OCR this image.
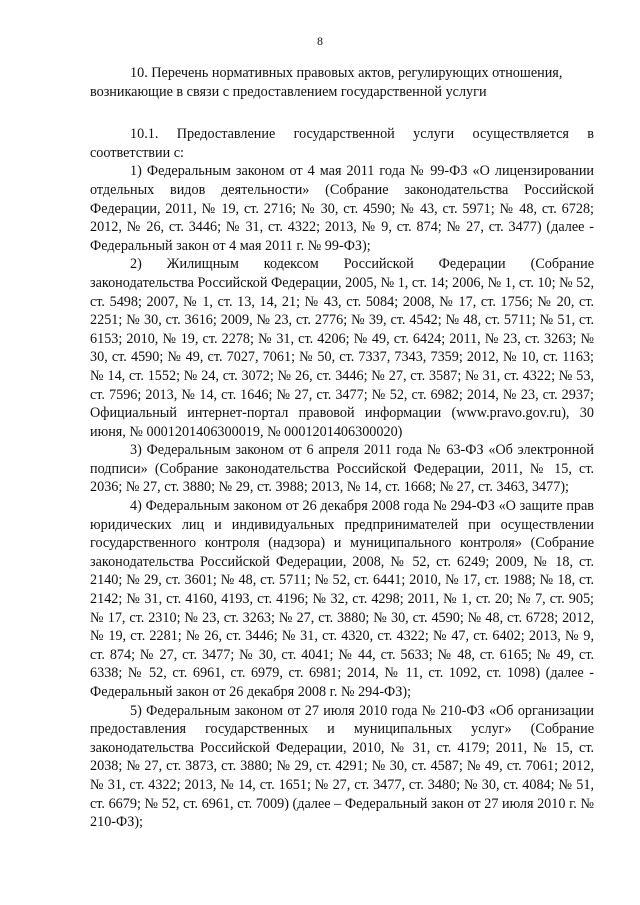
8

10. Перечень нормативных правовых актов, регулирующих отношения, возникающие в связи с предоставлением государственной услуги

10.1. Предоставление государственной услуги осуществляется в соответствии с:

1) Федеральным законом от 4 мая 2011 года № 99-ФЗ «О лицензировании отдельных видов деятельности» (Собрание законодательства Российской Федерации, 2011, № 19, ст. 2716; № 30, ст. 4590; № 43, ст. 5971; № 48, ст. 6728; 2012, № 26, ст. 3446; № 31, ст. 4322; 2013, № 9, ст. 874; № 27, ст. 3477) (далее - Федеральный закон от 4 мая 2011 г. № 99-ФЗ);

2) Жилищным кодексом Российской Федерации (Собрание законодательства Российской Федерации, 2005, № 1, ст. 14; 2006, № 1, ст. 10; № 52, ст. 5498; 2007, № 1, ст. 13, 14, 21; № 43, ст. 5084; 2008, № 17, ст. 1756; № 20, ст. 2251; № 30, ст. 3616; 2009, № 23, ст. 2776; № 39, ст. 4542; № 48, ст. 5711; № 51, ст. 6153; 2010, № 19, ст. 2278; № 31, ст. 4206; № 49, ст. 6424; 2011, № 23, ст. 3263; № 30, ст. 4590; № 49, ст. 7027, 7061; № 50, ст. 7337, 7343, 7359; 2012, № 10, ст. 1163; № 14, ст. 1552; № 24, ст. 3072; № 26, ст. 3446; № 27, ст. 3587; № 31, ст. 4322; № 53, ст. 7596; 2013, № 14, ст. 1646; № 27, ст. 3477; № 52, ст. 6982; 2014, № 23, ст. 2937; Официальный интернет-портал правовой информации (www.pravo.gov.ru), 30 июня, № 0001201406300019, № 0001201406300020)

3) Федеральным законом от 6 апреля 2011 года № 63-ФЗ «Об электронной подписи» (Собрание законодательства Российской Федерации, 2011, № 15, ст. 2036; № 27, ст. 3880; № 29, ст. 3988; 2013, № 14, ст. 1668; № 27, ст. 3463, 3477);

4) Федеральным законом от 26 декабря 2008 года № 294-ФЗ «О защите прав юридических лиц и индивидуальных предпринимателей при осуществлении государственного контроля (надзора) и муниципального контроля» (Собрание законодательства Российской Федерации, 2008, № 52, ст. 6249; 2009, № 18, ст. 2140; № 29, ст. 3601; № 48, ст. 5711; № 52, ст. 6441; 2010, № 17, ст. 1988; № 18, ст. 2142; № 31, ст. 4160, 4193, ст. 4196; № 32, ст. 4298; 2011, № 1, ст. 20; № 7, ст. 905; № 17, ст. 2310; № 23, ст. 3263; № 27, ст. 3880; № 30, ст. 4590; № 48, ст. 6728; 2012, № 19, ст. 2281; № 26, ст. 3446; № 31, ст. 4320, ст. 4322; № 47, ст. 6402; 2013, № 9, ст. 874; № 27, ст. 3477; № 30, ст. 4041; № 44, ст. 5633; № 48, ст. 6165; № 49, ст. 6338; № 52, ст. 6961, ст. 6979, ст. 6981; 2014, № 11, ст. 1092, ст. 1098) (далее - Федеральный закон от 26 декабря 2008 г. № 294-ФЗ);

5) Федеральным законом от 27 июля 2010 года № 210-ФЗ «Об организации предоставления государственных и муниципальных услуг» (Собрание законодательства Российской Федерации, 2010, № 31, ст. 4179; 2011, № 15, ст. 2038; № 27, ст. 3873, ст. 3880; № 29, ст. 4291; № 30, ст. 4587; № 49, ст. 7061; 2012, № 31, ст. 4322; 2013, № 14, ст. 1651; № 27, ст. 3477, ст. 3480; № 30, ст. 4084; № 51, ст. 6679; № 52, ст. 6961, ст. 7009) (далее – Федеральный закон от 27 июля 2010 г. № 210-ФЗ);
